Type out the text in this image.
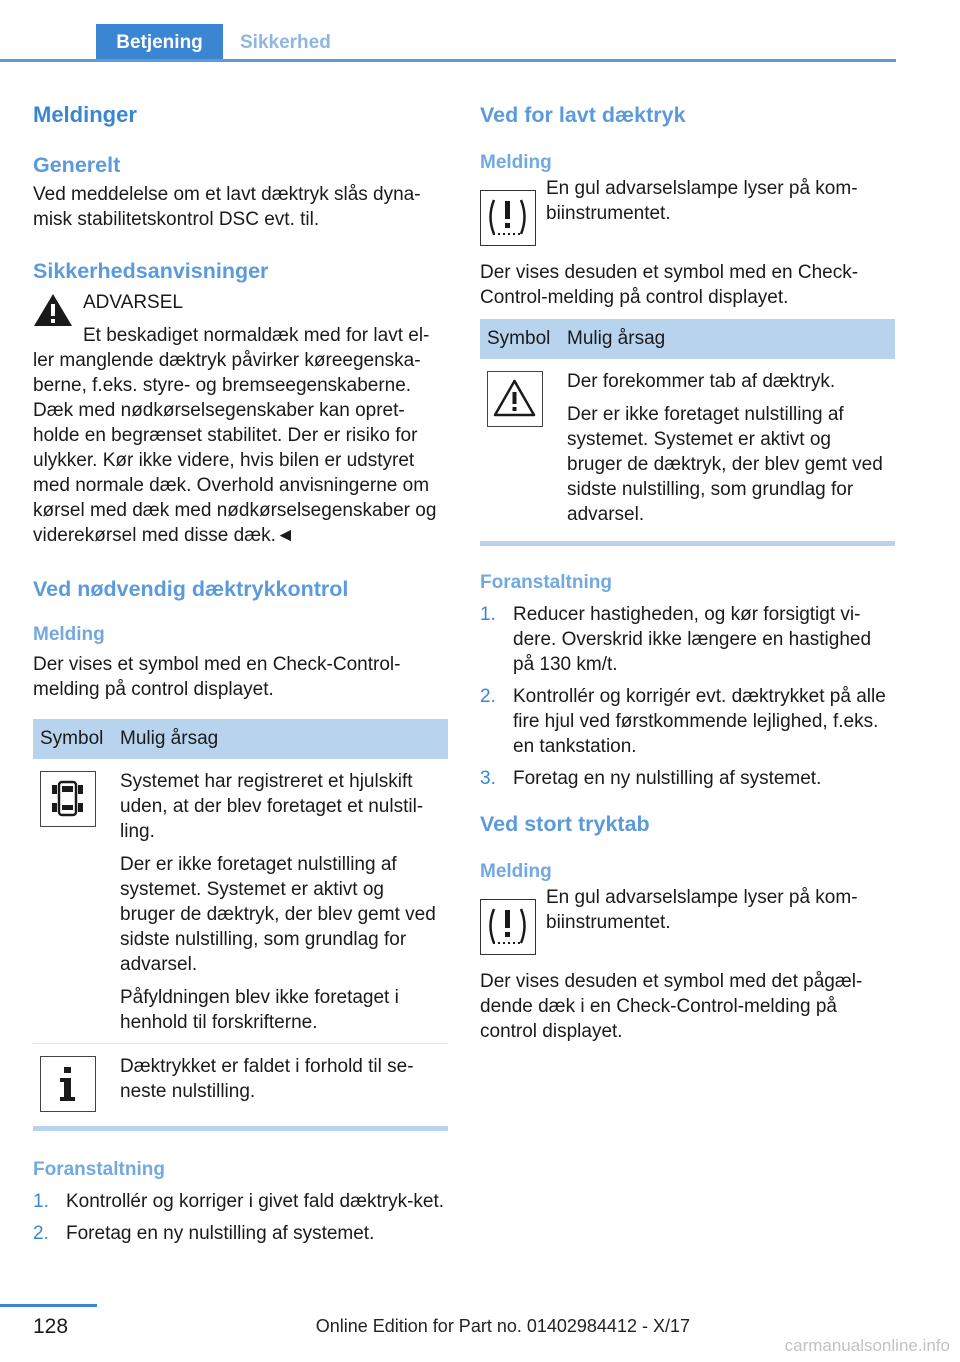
Betjening	Sikkerhed
Meldinger
Generelt
Ved meddelelse om et lavt dæktryk slås dyna-misk stabilitetskontrol DSC evt. til.
Sikkerhedsanvisninger
ADVARSEL
Et beskadiget normaldæk med for lavt el-ler manglende dæktryk påvirker køreegenska-berne, f.eks. styre- og bremseegenskaberne. Dæk med nødkørselsegenskaber kan opret-holde en begrænset stabilitet. Der er risiko for ulykker. Kør ikke videre, hvis bilen er udstyret med normale dæk. Overhold anvisningerne om kørsel med dæk med nødkørselsegenskaber og viderekørsel med disse dæk.◄
Ved nødvendig dæktrykkontrol
Melding
Der vises et symbol med en Check-Control-melding på control displayet.
Symbol	Mulig årsag

Systemet har registreret et hjulskift uden, at der blev foretaget et nulstil-ling.
Der er ikke foretaget nulstilling af systemet. Systemet er aktivt og bruger de dæktryk, der blev gemt ved sidste nulstilling, som grundlag for advarsel.
Påfyldningen blev ikke foretaget i henhold til forskrifterne.

Dæktrykket er faldet i forhold til se-neste nulstilling.
Foranstaltning
1. Kontrollér og korriger i givet fald dæktryk-ket.
2. Foretag en ny nulstilling af systemet.
Ved for lavt dæktryk
Melding
En gul advarselslampe lyser på kom-biinstrumentet.
Der vises desuden et symbol med en Check-Control-melding på control displayet.
Symbol	Mulig årsag

Der forekommer tab af dæktryk.
Der er ikke foretaget nulstilling af systemet. Systemet er aktivt og bruger de dæktryk, der blev gemt ved sidste nulstilling, som grundlag for advarsel.
Foranstaltning
1. Reducer hastigheden, og kør forsigtigt vi-dere. Overskrid ikke længere en hastighed på 130 km/t.
2. Kontrollér og korrigér evt. dæktrykket på alle fire hjul ved førstkommende lejlighed, f.eks. en tankstation.
3. Foretag en ny nulstilling af systemet.
Ved stort tryktab
Melding
En gul advarselslampe lyser på kom-biinstrumentet.
Der vises desuden et symbol med det pågæl-dende dæk i en Check-Control-melding på control displayet.
128	Online Edition for Part no. 01402984412 - X/17
carmanualsonline.info
